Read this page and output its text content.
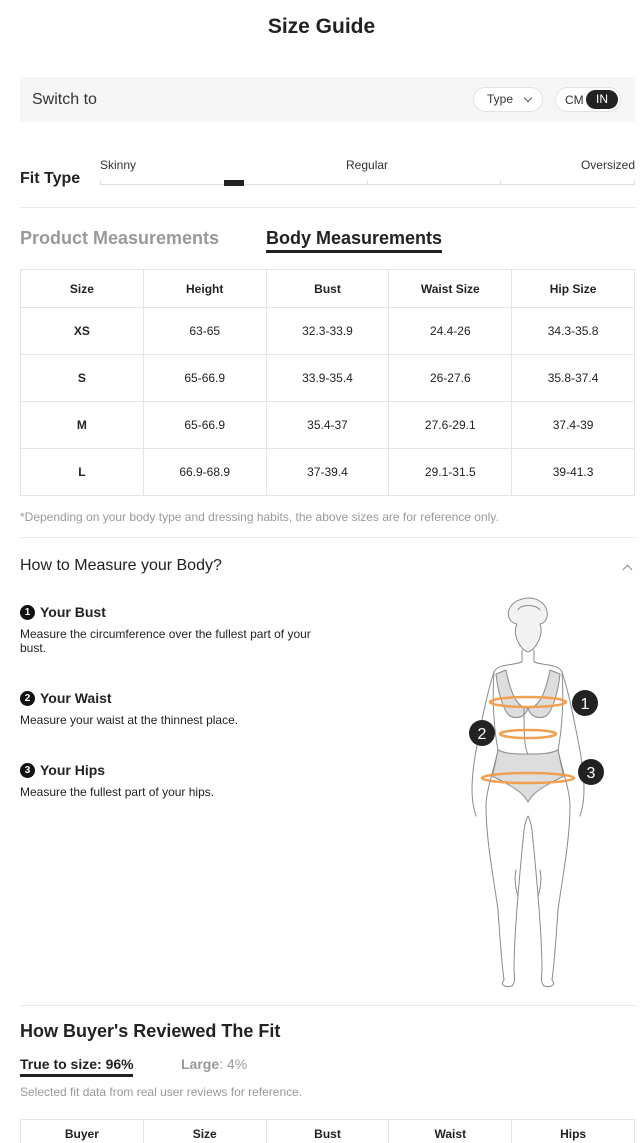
Size Guide
Switch to	Type	CM	IN
Fit Type
Skinny	Regular	Oversized
Product Measurements	Body Measurements
Size	Height	Bust	Waist Size	Hip Size
XS	63-65	32.3-33.9	24.4-26	34.3-35.8
S	65-66.9	33.9-35.4	26-27.6	35.8-37.4
M	65-66.9	35.4-37	27.6-29.1	37.4-39
L	66.9-68.9	37-39.4	29.1-31.5	39-41.3
*Depending on your body type and dressing habits, the above sizes are for reference only.
How to Measure your Body?
1 Your Bust
Measure the circumference over the fullest part of your bust.
2 Your Waist
Measure your waist at the thinnest place.
3 Your Hips
Measure the fullest part of your hips.
1
2
3
How Buyer's Reviewed The Fit
True to size: 96%	Large: 4%
Selected fit data from real user reviews for reference.
Buyer	Size	Bust	Waist	Hips
